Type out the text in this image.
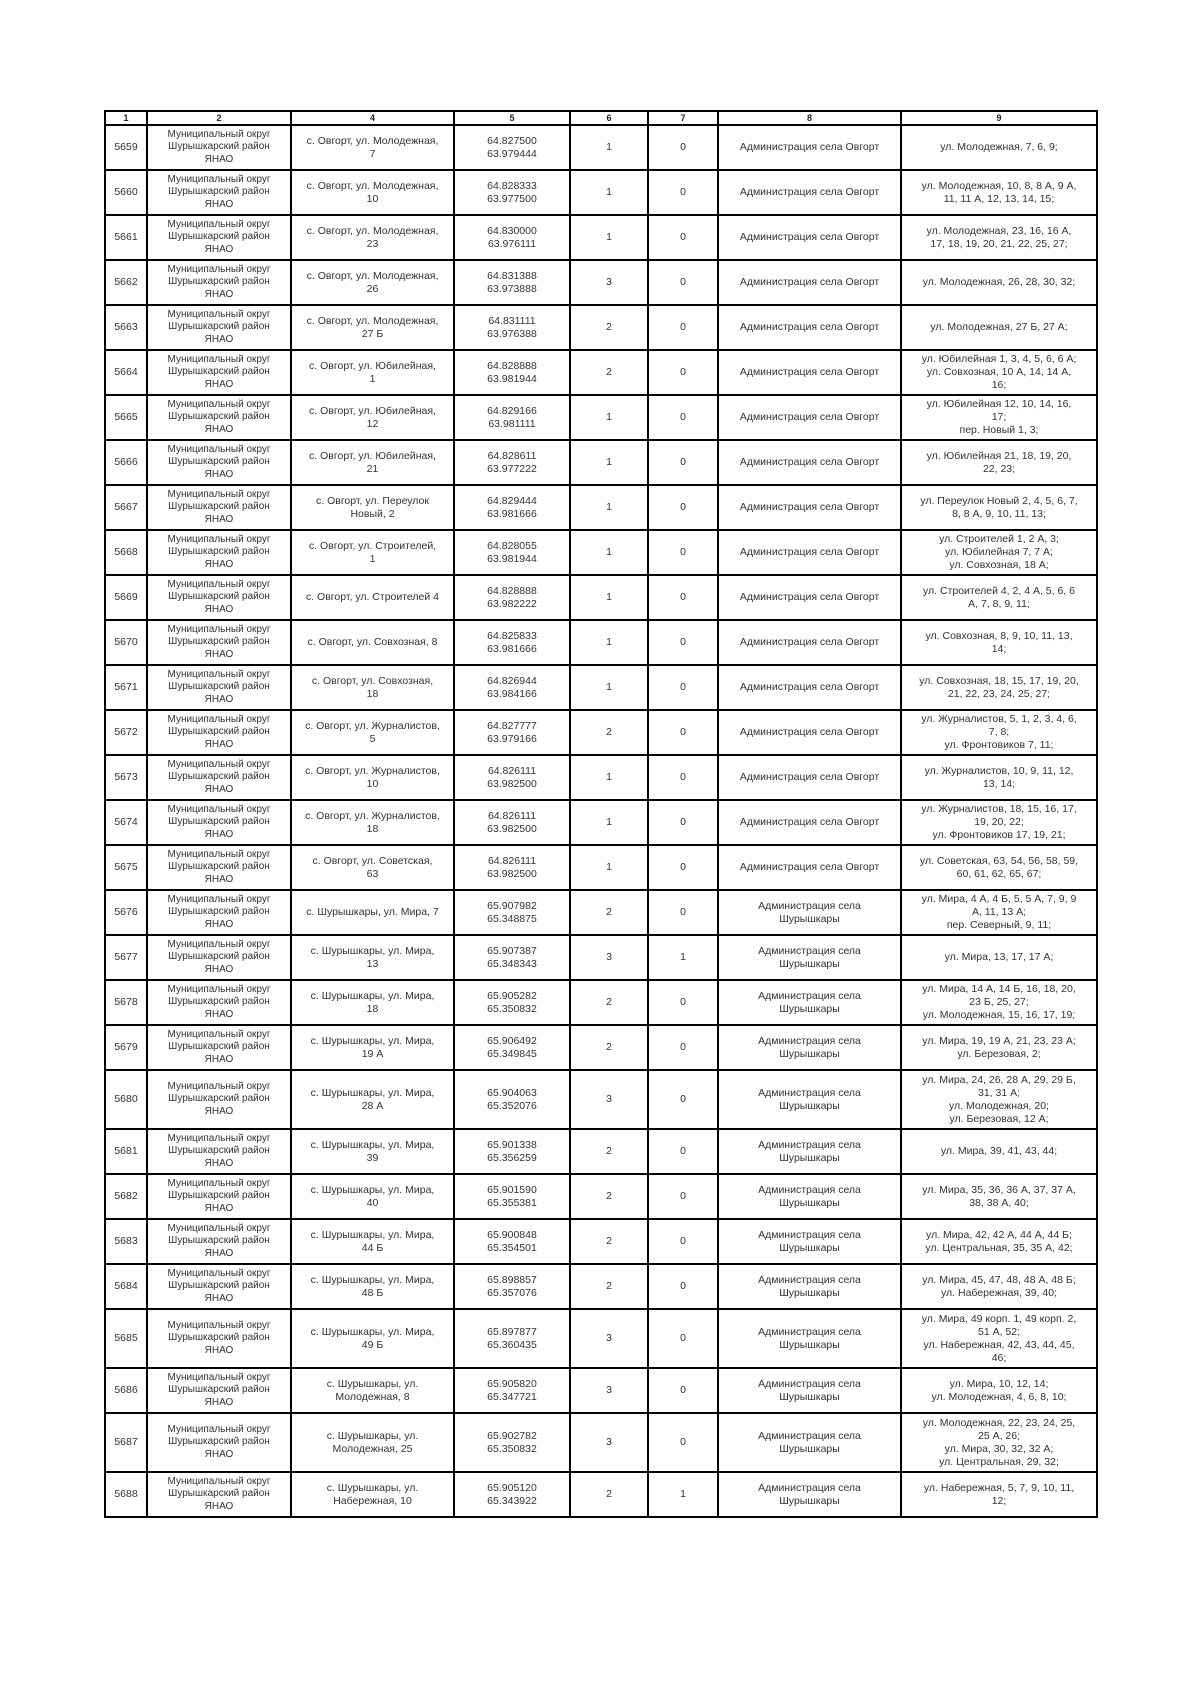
1	2	4	5	6	7	8	9
5659	Муниципальный округ
Шурышкарский район
ЯНАО	с. Овгорт, ул. Молодежная,
7	64.827500
63.979444	1	0	Администрация села Овгорт	ул. Молодежная, 7, 6, 9;
5660	Муниципальный округ
Шурышкарский район
ЯНАО	с. Овгорт, ул. Молодежная,
10	64.828333
63.977500	1	0	Администрация села Овгорт	ул. Молодежная, 10, 8, 8 А, 9 А,
11, 11 А, 12, 13, 14, 15;
5661	Муниципальный округ
Шурышкарский район
ЯНАО	с. Овгорт, ул. Молодежная,
23	64.830000
63.976111	1	0	Администрация села Овгорт	ул. Молодежная, 23, 16, 16 А,
17, 18, 19, 20, 21, 22, 25, 27;
5662	Муниципальный округ
Шурышкарский район
ЯНАО	с. Овгорт, ул. Молодежная,
26	64.831388
63.973888	3	0	Администрация села Овгорт	ул. Молодежная, 26, 28, 30, 32;
5663	Муниципальный округ
Шурышкарский район
ЯНАО	с. Овгорт, ул. Молодежная,
27 Б	64.831111
63.976388	2	0	Администрация села Овгорт	ул. Молодежная, 27 Б, 27 А;
5664	Муниципальный округ
Шурышкарский район
ЯНАО	с. Овгорт, ул. Юбилейная,
1	64.828888
63.981944	2	0	Администрация села Овгорт	ул. Юбилейная 1, 3, 4, 5, 6, 6 А;
ул. Совхозная, 10 А, 14, 14 А,
16;
5665	Муниципальный округ
Шурышкарский район
ЯНАО	с. Овгорт, ул. Юбилейная,
12	64.829166
63.981111	1	0	Администрация села Овгорт	ул. Юбилейная 12, 10, 14, 16,
17;
пер. Новый 1, 3;
5666	Муниципальный округ
Шурышкарский район
ЯНАО	с. Овгорт, ул. Юбилейная,
21	64.828611
63.977222	1	0	Администрация села Овгорт	ул. Юбилейная 21, 18, 19, 20,
22, 23;
5667	Муниципальный округ
Шурышкарский район
ЯНАО	с. Овгорт, ул. Переулок
Новый, 2	64.829444
63.981666	1	0	Администрация села Овгорт	ул. Переулок Новый 2, 4, 5, 6, 7,
8, 8 А, 9, 10, 11, 13;
5668	Муниципальный округ
Шурышкарский район
ЯНАО	с. Овгорт, ул. Строителей,
1	64.828055
63.981944	1	0	Администрация села Овгорт	ул. Строителей 1, 2 А, 3;
ул. Юбилейная 7, 7 А;
ул. Совхозная, 18 А;
5669	Муниципальный округ
Шурышкарский район
ЯНАО	с. Овгорт, ул. Строителей 4	64.828888
63.982222	1	0	Администрация села Овгорт	ул. Строителей 4, 2, 4 А, 5, 6, 6
А, 7, 8, 9, 11;
5670	Муниципальный округ
Шурышкарский район
ЯНАО	с. Овгорт, ул. Совхозная, 8	64.825833
63.981666	1	0	Администрация села Овгорт	ул. Совхозная, 8, 9, 10, 11, 13,
14;
5671	Муниципальный округ
Шурышкарский район
ЯНАО	с. Овгорт, ул. Совхозная,
18	64.826944
63.984166	1	0	Администрация села Овгорт	ул. Совхозная, 18, 15, 17, 19, 20,
21, 22, 23, 24, 25, 27;
5672	Муниципальный округ
Шурышкарский район
ЯНАО	с. Овгорт, ул. Журналистов,
5	64.827777
63.979166	2	0	Администрация села Овгорт	ул. Журналистов, 5, 1, 2, 3, 4, 6,
7, 8;
ул. Фронтовиков 7, 11;
5673	Муниципальный округ
Шурышкарский район
ЯНАО	с. Овгорт, ул. Журналистов,
10	64.826111
63.982500	1	0	Администрация села Овгорт	ул. Журналистов, 10, 9, 11, 12,
13, 14;
5674	Муниципальный округ
Шурышкарский район
ЯНАО	с. Овгорт, ул. Журналистов,
18	64.826111
63.982500	1	0	Администрация села Овгорт	ул. Журналистов, 18, 15, 16, 17,
19, 20, 22;
ул. Фронтовиков 17, 19, 21;
5675	Муниципальный округ
Шурышкарский район
ЯНАО	с. Овгорт, ул. Советская,
63	64.826111
63.982500	1	0	Администрация села Овгорт	ул. Советская, 63, 54, 56, 58, 59,
60, 61, 62, 65, 67;
5676	Муниципальный округ
Шурышкарский район
ЯНАО	с. Шурышкары, ул. Мира, 7	65.907982
65.348875	2	0	Администрация села
Шурышкары	ул. Мира, 4 А, 4 Б, 5, 5 А, 7, 9, 9
А, 11, 13 А;
пер. Северный, 9, 11;
5677	Муниципальный округ
Шурышкарский район
ЯНАО	с. Шурышкары, ул. Мира,
13	65.907387
65.348343	3	1	Администрация села
Шурышкары	ул. Мира, 13, 17, 17 А;
5678	Муниципальный округ
Шурышкарский район
ЯНАО	с. Шурышкары, ул. Мира,
18	65.905282
65.350832	2	0	Администрация села
Шурышкары	ул. Мира, 14 А, 14 Б, 16, 18, 20,
23 Б, 25, 27;
ул. Молодежная, 15, 16, 17, 19;
5679	Муниципальный округ
Шурышкарский район
ЯНАО	с. Шурышкары, ул. Мира,
19 А	65.906492
65.349845	2	0	Администрация села
Шурышкары	ул. Мира, 19, 19 А, 21, 23, 23 А;
ул. Березовая, 2;
5680	Муниципальный округ
Шурышкарский район
ЯНАО	с. Шурышкары, ул. Мира,
28 А	65.904063
65.352076	3	0	Администрация села
Шурышкары	ул. Мира, 24, 26, 28 А, 29, 29 Б,
31, 31 А;
ул. Молодежная, 20;
ул. Березовая, 12 А;
5681	Муниципальный округ
Шурышкарский район
ЯНАО	с. Шурышкары, ул. Мира,
39	65.901338
65.356259	2	0	Администрация села
Шурышкары	ул. Мира, 39, 41, 43, 44;
5682	Муниципальный округ
Шурышкарский район
ЯНАО	с. Шурышкары, ул. Мира,
40	65.901590
65.355381	2	0	Администрация села
Шурышкары	ул. Мира, 35, 36, 36 А, 37, 37 А,
38, 38 А, 40;
5683	Муниципальный округ
Шурышкарский район
ЯНАО	с. Шурышкары, ул. Мира,
44 Б	65.900848
65.354501	2	0	Администрация села
Шурышкары	ул. Мира, 42, 42 А, 44 А, 44 Б;
ул. Центральная, 35, 35 А, 42;
5684	Муниципальный округ
Шурышкарский район
ЯНАО	с. Шурышкары, ул. Мира,
48 Б	65.898857
65.357076	2	0	Администрация села
Шурышкары	ул. Мира, 45, 47, 48, 48 А, 48 Б;
ул. Набережная, 39, 40;
5685	Муниципальный округ
Шурышкарский район
ЯНАО	с. Шурышкары, ул. Мира,
49 Б	65.897877
65.360435	3	0	Администрация села
Шурышкары	ул. Мира, 49 корп. 1, 49 корп. 2,
51 А, 52;
ул. Набережная, 42, 43, 44, 45,
46;
5686	Муниципальный округ
Шурышкарский район
ЯНАО	с. Шурышкары, ул.
Молодежная, 8	65.905820
65.347721	3	0	Администрация села
Шурышкары	ул. Мира, 10, 12, 14;
ул. Молодежная, 4, 6, 8, 10;
5687	Муниципальный округ
Шурышкарский район
ЯНАО	с. Шурышкары, ул.
Молодежная, 25	65.902782
65.350832	3	0	Администрация села
Шурышкары	ул. Молодежная, 22, 23, 24, 25,
25 А, 26;
ул. Мира, 30, 32, 32 А;
ул. Центральная, 29, 32;
5688	Муниципальный округ
Шурышкарский район
ЯНАО	с. Шурышкары, ул.
Набережная, 10	65.905120
65.343922	2	1	Администрация села
Шурышкары	ул. Набережная, 5, 7, 9, 10, 11,
12;
